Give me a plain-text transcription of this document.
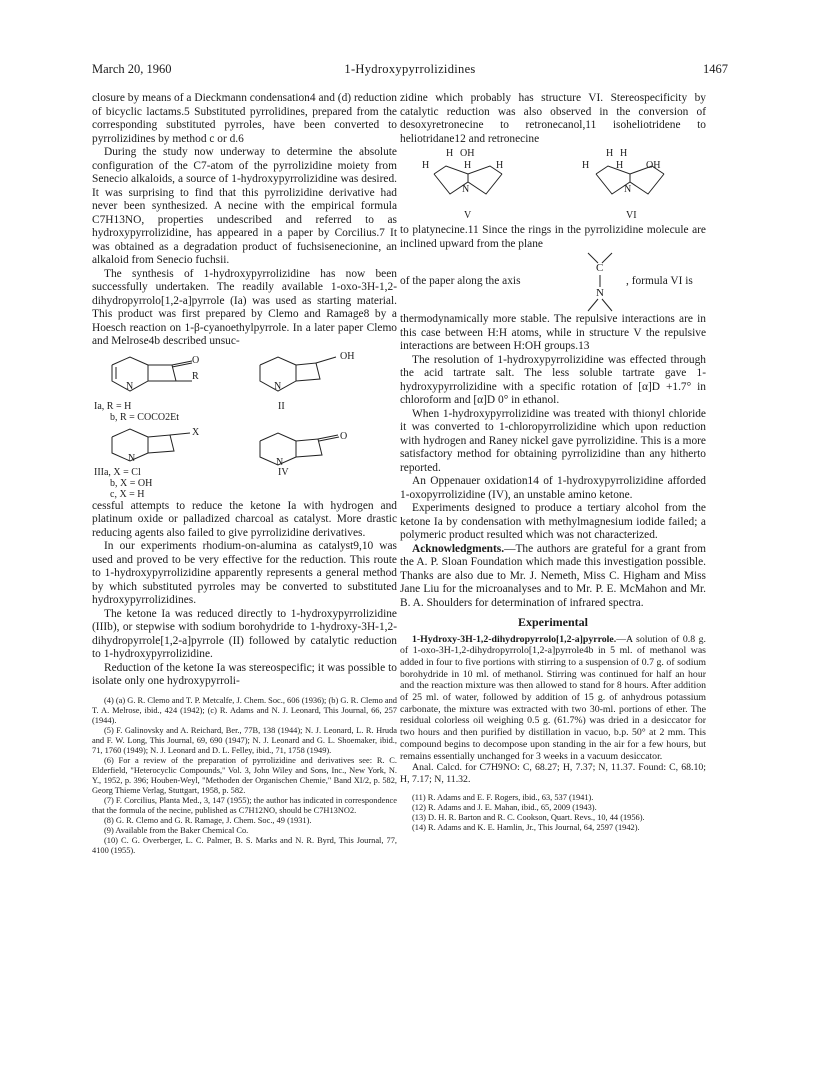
March 20, 1960	1-Hydroxypyrrolizidines	1467

closure by means of a Dieckmann condensation4 and (d) reduction of bicyclic lactams.5 Substituted pyrrolidines, prepared from the corresponding substituted pyrroles, have been converted to pyrrolizidines by method c or d.6

During the study now underway to determine the absolute configuration of the C7-atom of the pyrrolizidine moiety from Senecio alkaloids, a source of 1-hydroxypyrrolizidine was desired. It was surprising to find that this pyrrolizidine derivative had never been synthesized. A necine with the empirical formula C7H13NO, properties undescribed and referred to as hydroxypyrrolizidine, has appeared in a paper by Corcilius.7 It was obtained as a degradation product of fuchsisenecionine, an alkaloid from Senecio fuchsii.

The synthesis of 1-hydroxypyrrolizidine has now been successfully undertaken. The readily available 1-oxo-3H-1,2-dihydropyrrolo[1,2-a]pyrrole (Ia) was used as starting material. This product was first prepared by Clemo and Ramage8 by a Hoesch reaction on 1-β-cyanoethylpyrrole. In a later paper Clemo and Melrose4b described unsuc-

O
R
N
OH
N
Ia, R = H
b, R = COCO2Et
II
X
N
O
N
IIIa, X = Cl
b, X = OH
c, X = H
IV

cessful attempts to reduce the ketone Ia with hydrogen and platinum oxide or palladized charcoal as catalyst. More drastic reducing agents also failed to give pyrrolizidine derivatives.

In our experiments rhodium-on-alumina as catalyst9,10 was used and proved to be very effective for the reduction. This route to 1-hydroxypyrrolizidine apparently represents a general method by which substituted pyrroles may be converted to substituted hydroxypyrrolizidines.

The ketone Ia was reduced directly to 1-hydroxypyrrolizidine (IIIb), or stepwise with sodium borohydride to 1-hydroxy-3H-1,2-dihydropyrrole[1,2-a]pyrrole (II) followed by catalytic reduction to 1-hydroxypyrrolizidine.

Reduction of the ketone Ia was stereospecific; it was possible to isolate only one hydroxypyrroli-

(4) (a) G. R. Clemo and T. P. Metcalfe, J. Chem. Soc., 606 (1936); (b) G. R. Clemo and T. A. Melrose, ibid., 424 (1942); (c) R. Adams and N. J. Leonard, This Journal, 66, 257 (1944).

(5) F. Galinovsky and A. Reichard, Ber., 77B, 138 (1944); N. J. Leonard, L. R. Hruda and F. W. Long, This Journal, 69, 690 (1947); N. J. Leonard and G. L. Shoemaker, ibid., 71, 1760 (1949); N. J. Leonard and D. L. Felley, ibid., 71, 1758 (1949).

(6) For a review of the preparation of pyrrolizidine and derivatives see: R. C. Elderfield, "Heterocyclic Compounds," Vol. 3, John Wiley and Sons, Inc., New York, N. Y., 1952, p. 396; Houben-Weyl, "Methoden der Organischen Chemie," Band XI/2, p. 582, Georg Thieme Verlag, Stuttgart, 1958, p. 582.

(7) F. Corcilius, Planta Med., 3, 147 (1955); the author has indicated in correspondence that the formula of the necine, published as C7H12NO, should be C7H13NO2.

(8) G. R. Clemo and G. R. Ramage, J. Chem. Soc., 49 (1931).

(9) Available from the Baker Chemical Co.

(10) C. G. Overberger, L. C. Palmer, B. S. Marks and N. R. Byrd, This Journal, 77, 4100 (1955).

zidine which probably has structure VI. Stereospecificity by catalytic reduction was also observed in the conversion of desoxyretronecine to retronecanol,11 isoheliotridene to heliotridane12 and retronecine

H OH
H	H H
N
V
H H
H	H OH
N
VI

to platynecine.11 Since the rings in the pyrrolizidine molecule are inclined upward from the plane

C
of the paper along the axis	, formula VI is
N

thermodynamically more stable. The repulsive interactions are in this case between H:H atoms, while in structure V the repulsive interactions are between H:OH groups.13

The resolution of 1-hydroxypyrrolizidine was effected through the acid tartrate salt. The less soluble tartrate gave 1-hydroxypyrrolizidine with a specific rotation of [α]D +1.7° in chloroform and [α]D 0° in ethanol.

When 1-hydroxypyrrolizidine was treated with thionyl chloride it was converted to 1-chloropyrrolizidine which upon reduction with hydrogen and Raney nickel gave pyrrolizidine. This is a more satisfactory method for obtaining pyrrolizidine than any hitherto reported.

An Oppenauer oxidation14 of 1-hydroxypyrrolizidine afforded 1-oxopyrrolizidine (IV), an unstable amino ketone.

Experiments designed to produce a tertiary alcohol from the ketone Ia by condensation with methylmagnesium iodide failed; a polymeric product resulted which was not characterized.

Acknowledgments.—The authors are grateful for a grant from the A. P. Sloan Foundation which made this investigation possible. Thanks are also due to Mr. J. Nemeth, Miss C. Higham and Miss Jane Liu for the microanalyses and to Mr. P. E. McMahon and Mr. B. A. Shoulders for determination of infrared spectra.

Experimental

1-Hydroxy-3H-1,2-dihydropyrrolo[1,2-a]pyrrole.—A solution of 0.8 g. of 1-oxo-3H-1,2-dihydropyrrolo[1,2-a]pyrrole4b in 5 ml. of methanol was added in four to five portions with stirring to a suspension of 0.7 g. of sodium borohydride in 10 ml. of methanol. Stirring was continued for half an hour and the reaction mixture was then allowed to stand for 8 hours. After addition of 25 ml. of water, followed by addition of 15 g. of anhydrous potassium carbonate, the mixture was extracted with two 30-ml. portions of ether. The residual colorless oil weighing 0.5 g. (61.7%) was dried in a desiccator for two hours and then purified by distillation in vacuo, b.p. 50° at 2 mm. This compound begins to decompose upon standing in the air for a few hours, but remains essentially unchanged for 3 weeks in a vacuum desiccator.

Anal. Calcd. for C7H9NO: C, 68.27; H, 7.37; N, 11.37. Found: C, 68.10; H, 7.17; N, 11.32.

(11) R. Adams and E. F. Rogers, ibid., 63, 537 (1941).

(12) R. Adams and J. E. Mahan, ibid., 65, 2009 (1943).

(13) D. H. R. Barton and R. C. Cookson, Quart. Revs., 10, 44 (1956).

(14) R. Adams and K. E. Hamlin, Jr., This Journal, 64, 2597 (1942).
